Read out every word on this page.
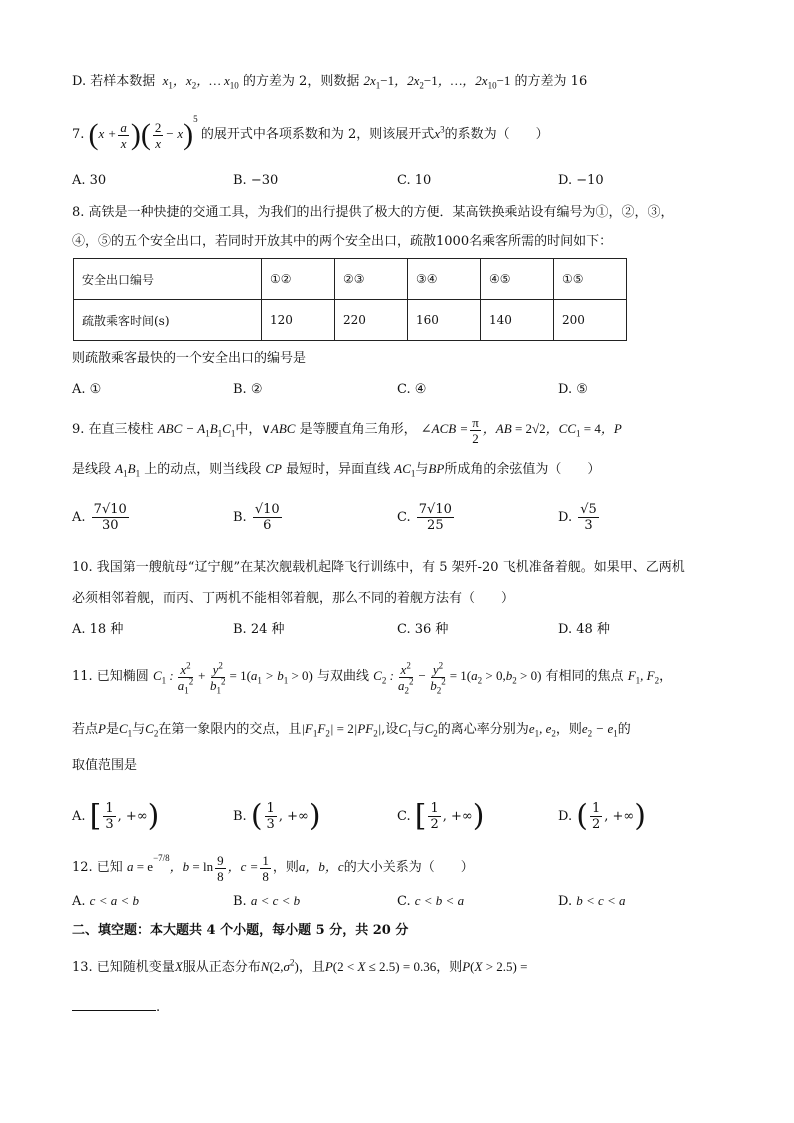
D. 若样本数据  $x_1$，$x_2$，… $x_{10}$ 的方差为 2，则数据 $2x_1-1$，$2x_2-1$，…，$2x_{10}-1$ 的方差为 16
7. ($x + \frac{a}{x}$ )( $\frac{2}{x} - x)^5$ 的展开式中各项系数和为 2，则该展开式$x^3$的系数为（　　）
A. 30	B. −30	C. 10	D. −10
8. 高铁是一种快捷的交通工具，为我们的出行提供了极大的方便．某高铁换乘站设有编号为①，②，③，
④，⑤的五个安全出口，若同时开放其中的两个安全出口，疏散1000名乘客所需的时间如下：
安全出口编号	①②	②③	③④	④⑤	①⑤
疏散乘客时间(s)	120	220	160	140	200
则疏散乘客最快的一个安全出口的编号是
A. ①	B. ②	C. ④	D. ⑤
9. 在直三棱柱 ABC − $A_1B_1C_1$中，∨ABC 是等腰直角三角形， ∠ACB = $\frac{\pi}{2}$ ，AB = 2√2，$CC_1 = 4$，P
是线段 $A_1B_1$ 上的动点，则当线段 CP 最短时，异面直线 $AC_1$与BP所成角的余弦值为（　　）
A. $\frac{7√10}{30}$	B. $\frac{√10}{6}$	C. $\frac{7√10}{25}$	D. $\frac{√5}{3}$
10. 我国第一艘航母“辽宁舰”在某次舰载机起降飞行训练中，有 5 架歼-20 飞机准备着舰。如果甲、乙两机
必须相邻着舰，而丙、丁两机不能相邻着舰，那么不同的着舰方法有（　　）
A. 18 种	B. 24 种	C. 36 种	D. 48 种
11. 已知椭圆 $C_1$ : $\frac{x^2}{a_1^2} + \frac{y^2}{b_1^2} = 1(a_1 > b_1 > 0)$ 与双曲线 $C_2$ : $\frac{x^2}{a_2^2} - \frac{y^2}{b_2^2} = 1(a_2 > 0,b_2 > 0)$ 有相同的焦点 $F_1$, $F_2$，
若点P是$C_1$与$C_2$在第一象限内的交点，且$|F_1F_2| = 2|PF_2|$,设$C_1$与$C_2$的离心率分别为$e_1$, $e_2$，则$e_2 - e_1$的
取值范围是
A. [ $\frac{1}{3}$ , +∞)	B. ( $\frac{1}{3}$ , +∞)	C. [ $\frac{1}{2}$ , +∞)	D. ( $\frac{1}{2}$ , +∞)
12. 已知 $a = e^{-7/8}$，$b = \ln \frac{9}{8}$ ，$c = \frac{1}{8}$ ，则a，b，c的大小关系为（　　）
A. c < a < b	B. a < c < b	C. c < b < a	D. b < c < a
二、填空题：本大题共 4 个小题，每小题 5 分，共 20 分
13. 已知随机变量X服从正态分布$N(2,\sigma^2)$，且P(2 < X ≤ 2.5) = 0.36，则P(X > 2.5) =
.
